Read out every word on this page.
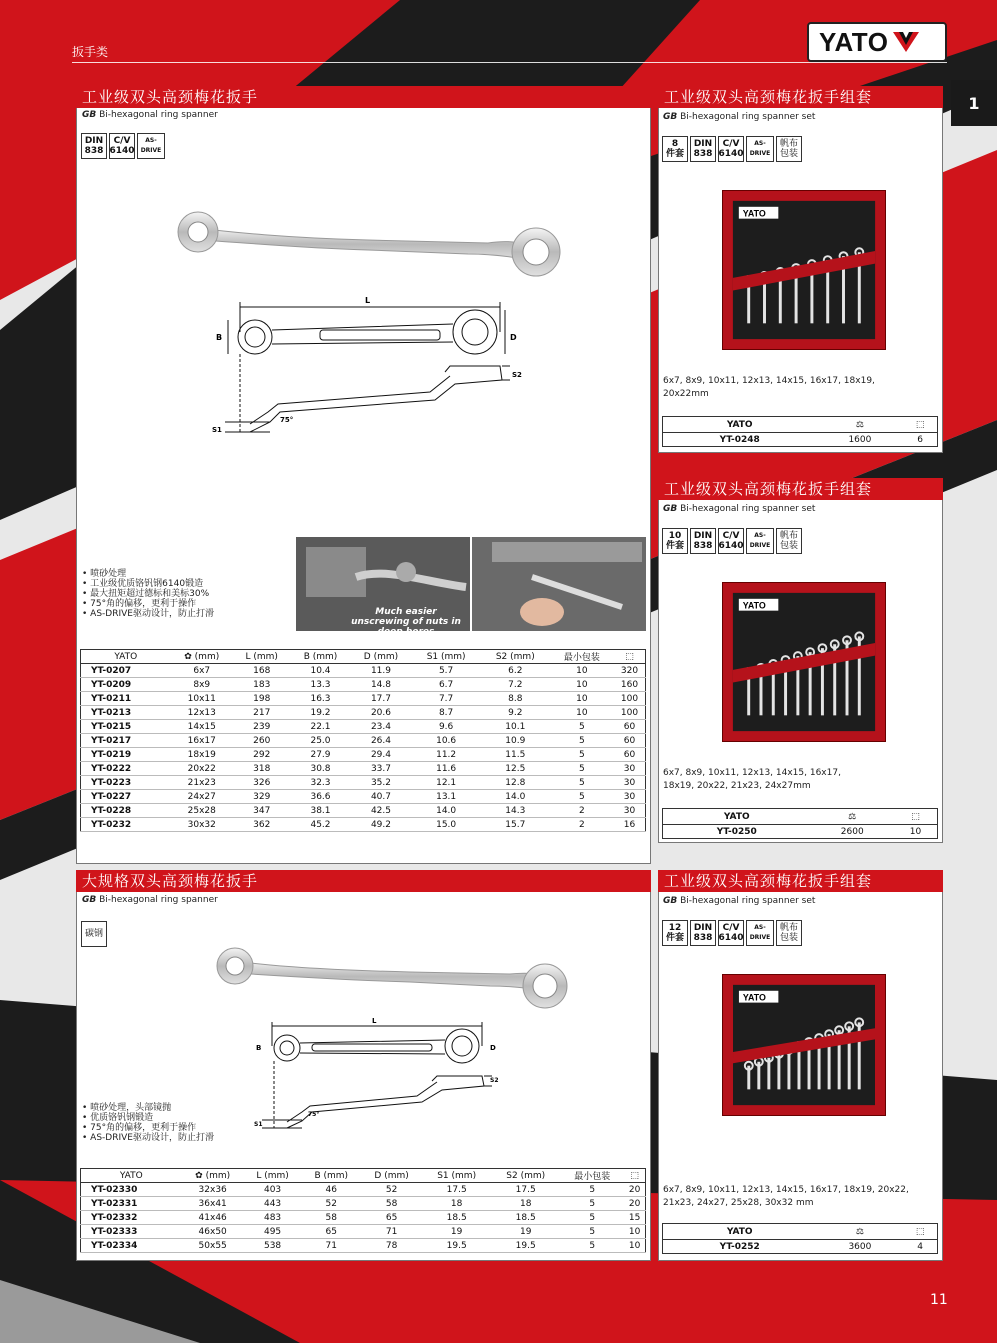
扳手类	YATO
1
工业级双头高颈梅花扳手
GB Bi-hexagonal ring spanner
DIN
838
C/V
6140
AS-DRIVE
L
B	D
S2
S1
75°
• 喷砂处理
• 工业级优质铬钒钢6140锻造
• 最大扭矩超过德标和美标30%
• 75°角的偏移，更利于操作
• AS-DRIVE驱动设计，防止打滑	Much easier unscrewing of nuts in deep bores
YATO	✿ (mm)	L (mm)	B (mm)	D (mm)	S1 (mm)	S2 (mm)	最小包装	⬚
YT-0207	6x7	168	10.4	11.9	5.7	6.2	10	320
YT-0209	8x9	183	13.3	14.8	6.7	7.2	10	160
YT-0211	10x11	198	16.3	17.7	7.7	8.8	10	100
YT-0213	12x13	217	19.2	20.6	8.7	9.2	10	100
YT-0215	14x15	239	22.1	23.4	9.6	10.1	5	60
YT-0217	16x17	260	25.0	26.4	10.6	10.9	5	60
YT-0219	18x19	292	27.9	29.4	11.2	11.5	5	60
YT-0222	20x22	318	30.8	33.7	11.6	12.5	5	30
YT-0223	21x23	326	32.3	35.2	12.1	12.8	5	30
YT-0227	24x27	329	36.6	40.7	13.1	14.0	5	30
YT-0228	25x28	347	38.1	42.5	14.0	14.3	2	30
YT-0232	30x32	362	45.2	49.2	15.0	15.7	2	16
大规格双头高颈梅花扳手
GB Bi-hexagonal ring spanner
碳钢
L
B	D
S2
S1
75°
• 喷砂处理，头部镜抛
• 优质铬钒钢锻造
• 75°角的偏移，更利于操作
• AS-DRIVE驱动设计，防止打滑
YATO	✿ (mm)	L (mm)	B (mm)	D (mm)	S1 (mm)	S2 (mm)	最小包装	⬚
YT-02330	32x36	403	46	52	17.5	17.5	5	20
YT-02331	36x41	443	52	58	18	18	5	20
YT-02332	41x46	483	58	65	18.5	18.5	5	15
YT-02333	46x50	495	65	71	19	19	5	10
YT-02334	50x55	538	71	78	19.5	19.5	5	10
工业级双头高颈梅花扳手组套
GB Bi-hexagonal ring spanner set
8
件套
DIN
838
C/V
6140
AS-DRIVE
帆布
包装
YATO
6x7, 8x9, 10x11, 12x13, 14x15, 16x17, 18x19,
20x22mm
YATO	⚖	⬚
YT-0248	1600	6
工业级双头高颈梅花扳手组套
GB Bi-hexagonal ring spanner set
10
件套
DIN
838
C/V
6140
AS-DRIVE
帆布
包装
YATO
6x7, 8x9, 10x11, 12x13, 14x15, 16x17,
18x19, 20x22, 21x23, 24x27mm
YATO	⚖	⬚
YT-0250	2600	10
工业级双头高颈梅花扳手组套
GB Bi-hexagonal ring spanner set
12
件套
DIN
838
C/V
6140
AS-DRIVE
帆布
包装
YATO
6x7, 8x9, 10x11, 12x13, 14x15, 16x17, 18x19, 20x22,
21x23, 24x27, 25x28, 30x32 mm
YATO	⚖	⬚
YT-0252	3600	4
11
